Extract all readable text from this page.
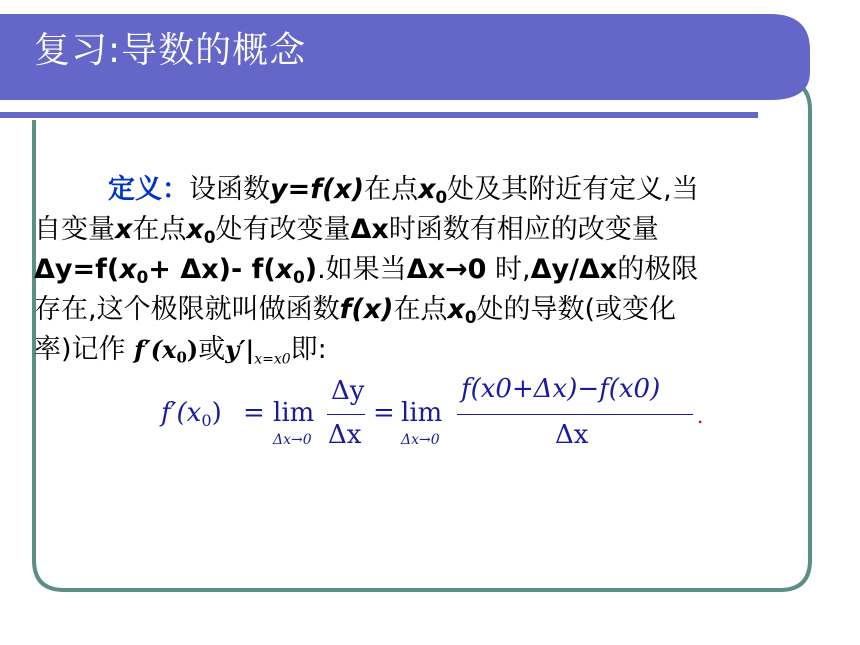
复习:导数的概念
定义：设函数y=f(x)在点$x_0$处及其附近有定义,当
自变量x在点$x_0$处有改变量Δx时函数有相应的改变量
$\Delta y=f(x_0+ \Delta x)-$ $f(x_0)$.如果当Δx→0 时,Δy/Δx的极限
存在,这个极限就叫做函数f(x)在点$x_0$处的导数(或变化
率)记作 $f'(x_0)$或$y'|_{x=x0}$即:
$f'(x_0) = \lim$
Δx→0
Δy
Δx
= lim
Δx→0
f(x0+Δx)−f(x0)
Δx
.
